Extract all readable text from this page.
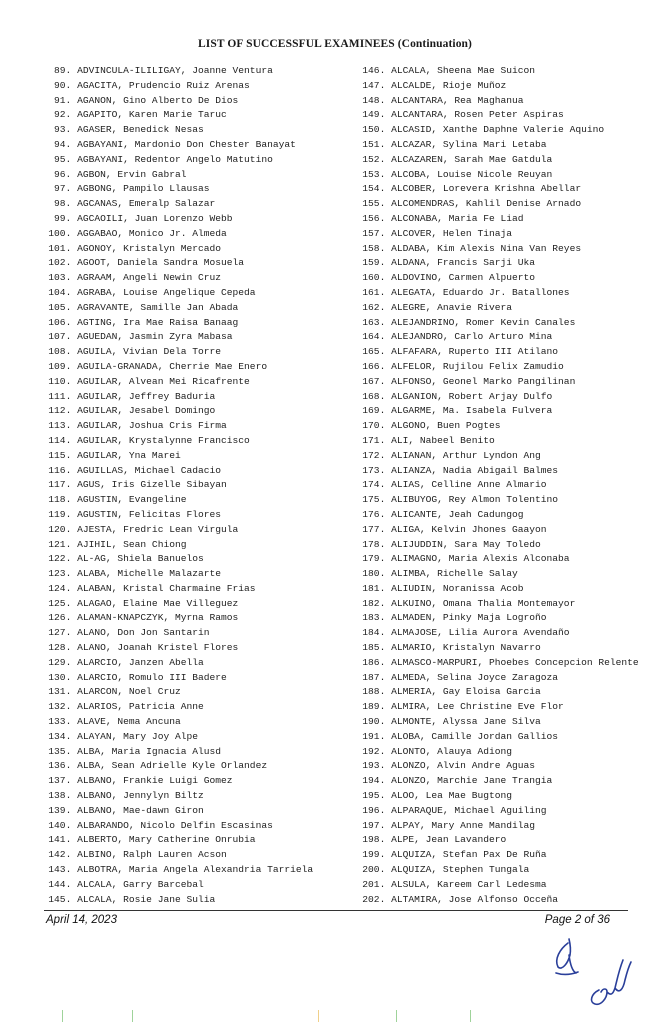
LIST OF SUCCESSFUL EXAMINEES (Continuation)
89. ADVINCULA-ILILIGAY, Joanne Ventura
90. AGACITA, Prudencio Ruiz Arenas
91. AGANON, Gino Alberto De Dios
92. AGAPITO, Karen Marie Taruc
93. AGASER, Benedick Nesas
94. AGBAYANI, Mardonio Don Chester Banayat
95. AGBAYANI, Redentor Angelo Matutino
96. AGBON, Ervin Gabral
97. AGBONG, Pampilo Llausas
98. AGCANAS, Emeralp Salazar
99. AGCAOILI, Juan Lorenzo Webb
100. AGGABAO, Monico Jr. Almeda
101. AGONOY, Kristalyn Mercado
102. AGOOT, Daniela Sandra Mosuela
103. AGRAAM, Angeli Newin Cruz
104. AGRABA, Louise Angelique Cepeda
105. AGRAVANTE, Samille Jan Abada
106. AGTING, Ira Mae Raisa Banaag
107. AGUEDAN, Jasmin Zyra Mabasa
108. AGUILA, Vivian Dela Torre
109. AGUILA-GRANADA, Cherrie Mae Enero
110. AGUILAR, Alvean Mei Ricafrente
111. AGUILAR, Jeffrey Baduria
112. AGUILAR, Jesabel Domingo
113. AGUILAR, Joshua Cris Firma
114. AGUILAR, Krystalynne Francisco
115. AGUILAR, Yna Marei
116. AGUILLAS, Michael Cadacio
117. AGUS, Iris Gizelle Sibayan
118. AGUSTIN, Evangeline
119. AGUSTIN, Felicitas Flores
120. AJESTA, Fredric Lean Virgula
121. AJIHIL, Sean Chiong
122. AL-AG, Shiela Banuelos
123. ALABA, Michelle Malazarte
124. ALABAN, Kristal Charmaine Frias
125. ALAGAO, Elaine Mae Villeguez
126. ALAMAN-KNAPCZYK, Myrna Ramos
127. ALANO, Don Jon Santarin
128. ALANO, Joanah Kristel Flores
129. ALARCIO, Janzen Abella
130. ALARCIO, Romulo III Badere
131. ALARCON, Noel Cruz
132. ALARIOS, Patricia Anne
133. ALAVE, Nema Ancuna
134. ALAYAN, Mary Joy Alpe
135. ALBA, Maria Ignacia Alusd
136. ALBA, Sean Adrielle Kyle Orlandez
137. ALBANO, Frankie Luigi Gomez
138. ALBANO, Jennylyn Biltz
139. ALBANO, Mae-dawn Giron
140. ALBARANDO, Nicolo Delfin Escasinas
141. ALBERTO, Mary Catherine Onrubia
142. ALBINO, Ralph Lauren Acson
143. ALBOTRA, Maria Angela Alexandria Tarriela
144. ALCALA, Garry Barcebal
145. ALCALA, Rosie Jane Sulia
146. ALCALA, Sheena Mae Suicon
147. ALCALDE, Rioje Muñoz
148. ALCANTARA, Rea Maghanua
149. ALCANTARA, Rosen Peter Aspiras
150. ALCASID, Xanthe Daphne Valerie Aquino
151. ALCAZAR, Sylina Mari Letaba
152. ALCAZAREN, Sarah Mae Gatdula
153. ALCOBA, Louise Nicole Reuyan
154. ALCOBER, Lorevera Krishna Abellar
155. ALCOMENDRAS, Kahlil Denise Arnado
156. ALCONABA, Maria Fe Liad
157. ALCOVER, Helen Tinaja
158. ALDABA, Kim Alexis Nina Van Reyes
159. ALDANA, Francis Sarji Uka
160. ALDOVINO, Carmen Alpuerto
161. ALEGATA, Eduardo Jr. Batallones
162. ALEGRE, Anavie Rivera
163. ALEJANDRINO, Romer Kevin Canales
164. ALEJANDRO, Carlo Arturo Mina
165. ALFAFARA, Ruperto III Atilano
166. ALFELOR, Rujilou Felix Zamudio
167. ALFONSO, Geonel Marko Pangilinan
168. ALGANION, Robert Arjay Dulfo
169. ALGARME, Ma. Isabela Fulvera
170. ALGONO, Buen Pogtes
171. ALI, Nabeel Benito
172. ALIANAN, Arthur Lyndon Ang
173. ALIANZA, Nadia Abigail Balmes
174. ALIAS, Celline Anne Almario
175. ALIBUYOG, Rey Almon Tolentino
176. ALICANTE, Jeah Cadungog
177. ALIGA, Kelvin Jhones Gaayon
178. ALIJUDDIN, Sara May Toledo
179. ALIMAGNO, Maria Alexis Alconaba
180. ALIMBA, Richelle Salay
181. ALIUDIN, Noranissa Acob
182. ALKUINO, Omana Thalia Montemayor
183. ALMADEN, Pinky Maja Logroño
184. ALMAJOSE, Lilia Aurora Avendaño
185. ALMARIO, Kristalyn Navarro
186. ALMASCO-MARPURI, Phoebes Concepcion Relente
187. ALMEDA, Selina Joyce Zaragoza
188. ALMERIA, Gay Eloisa Garcia
189. ALMIRA, Lee Christine Eve Flor
190. ALMONTE, Alyssa Jane Silva
191. ALOBA, Camille Jordan Gallios
192. ALONTO, Alauya Adiong
193. ALONZO, Alvin Andre Aguas
194. ALONZO, Marchie Jane Trangia
195. ALOO, Lea Mae Bugtong
196. ALPARAQUE, Michael Aguiling
197. ALPAY, Mary Anne Mandilag
198. ALPE, Jean Lavandero
199. ALQUIZA, Stefan Pax De Ruña
200. ALQUIZA, Stephen Tungala
201. ALSULA, Kareem Carl Ledesma
202. ALTAMIRA, Jose Alfonso Occeña
April 14, 2023	Page 2 of 36
